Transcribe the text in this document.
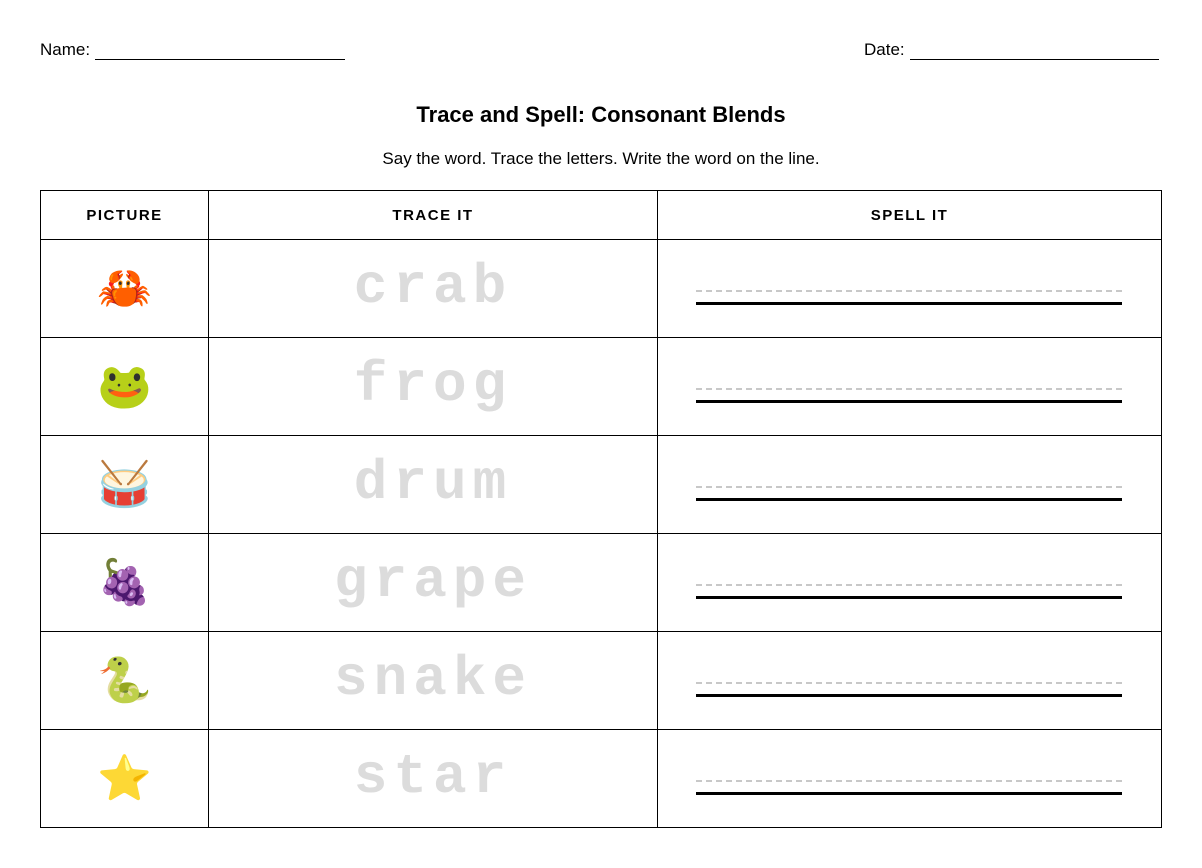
Name:	Date:
Trace and Spell: Consonant Blends
Say the word. Trace the letters. Write the word on the line.
PICTURE	TRACE IT	SPELL IT
🦀	crab	

🐸	frog	

🥁	drum	

🍇	grape	

🐍	snake	

⭐	star	
